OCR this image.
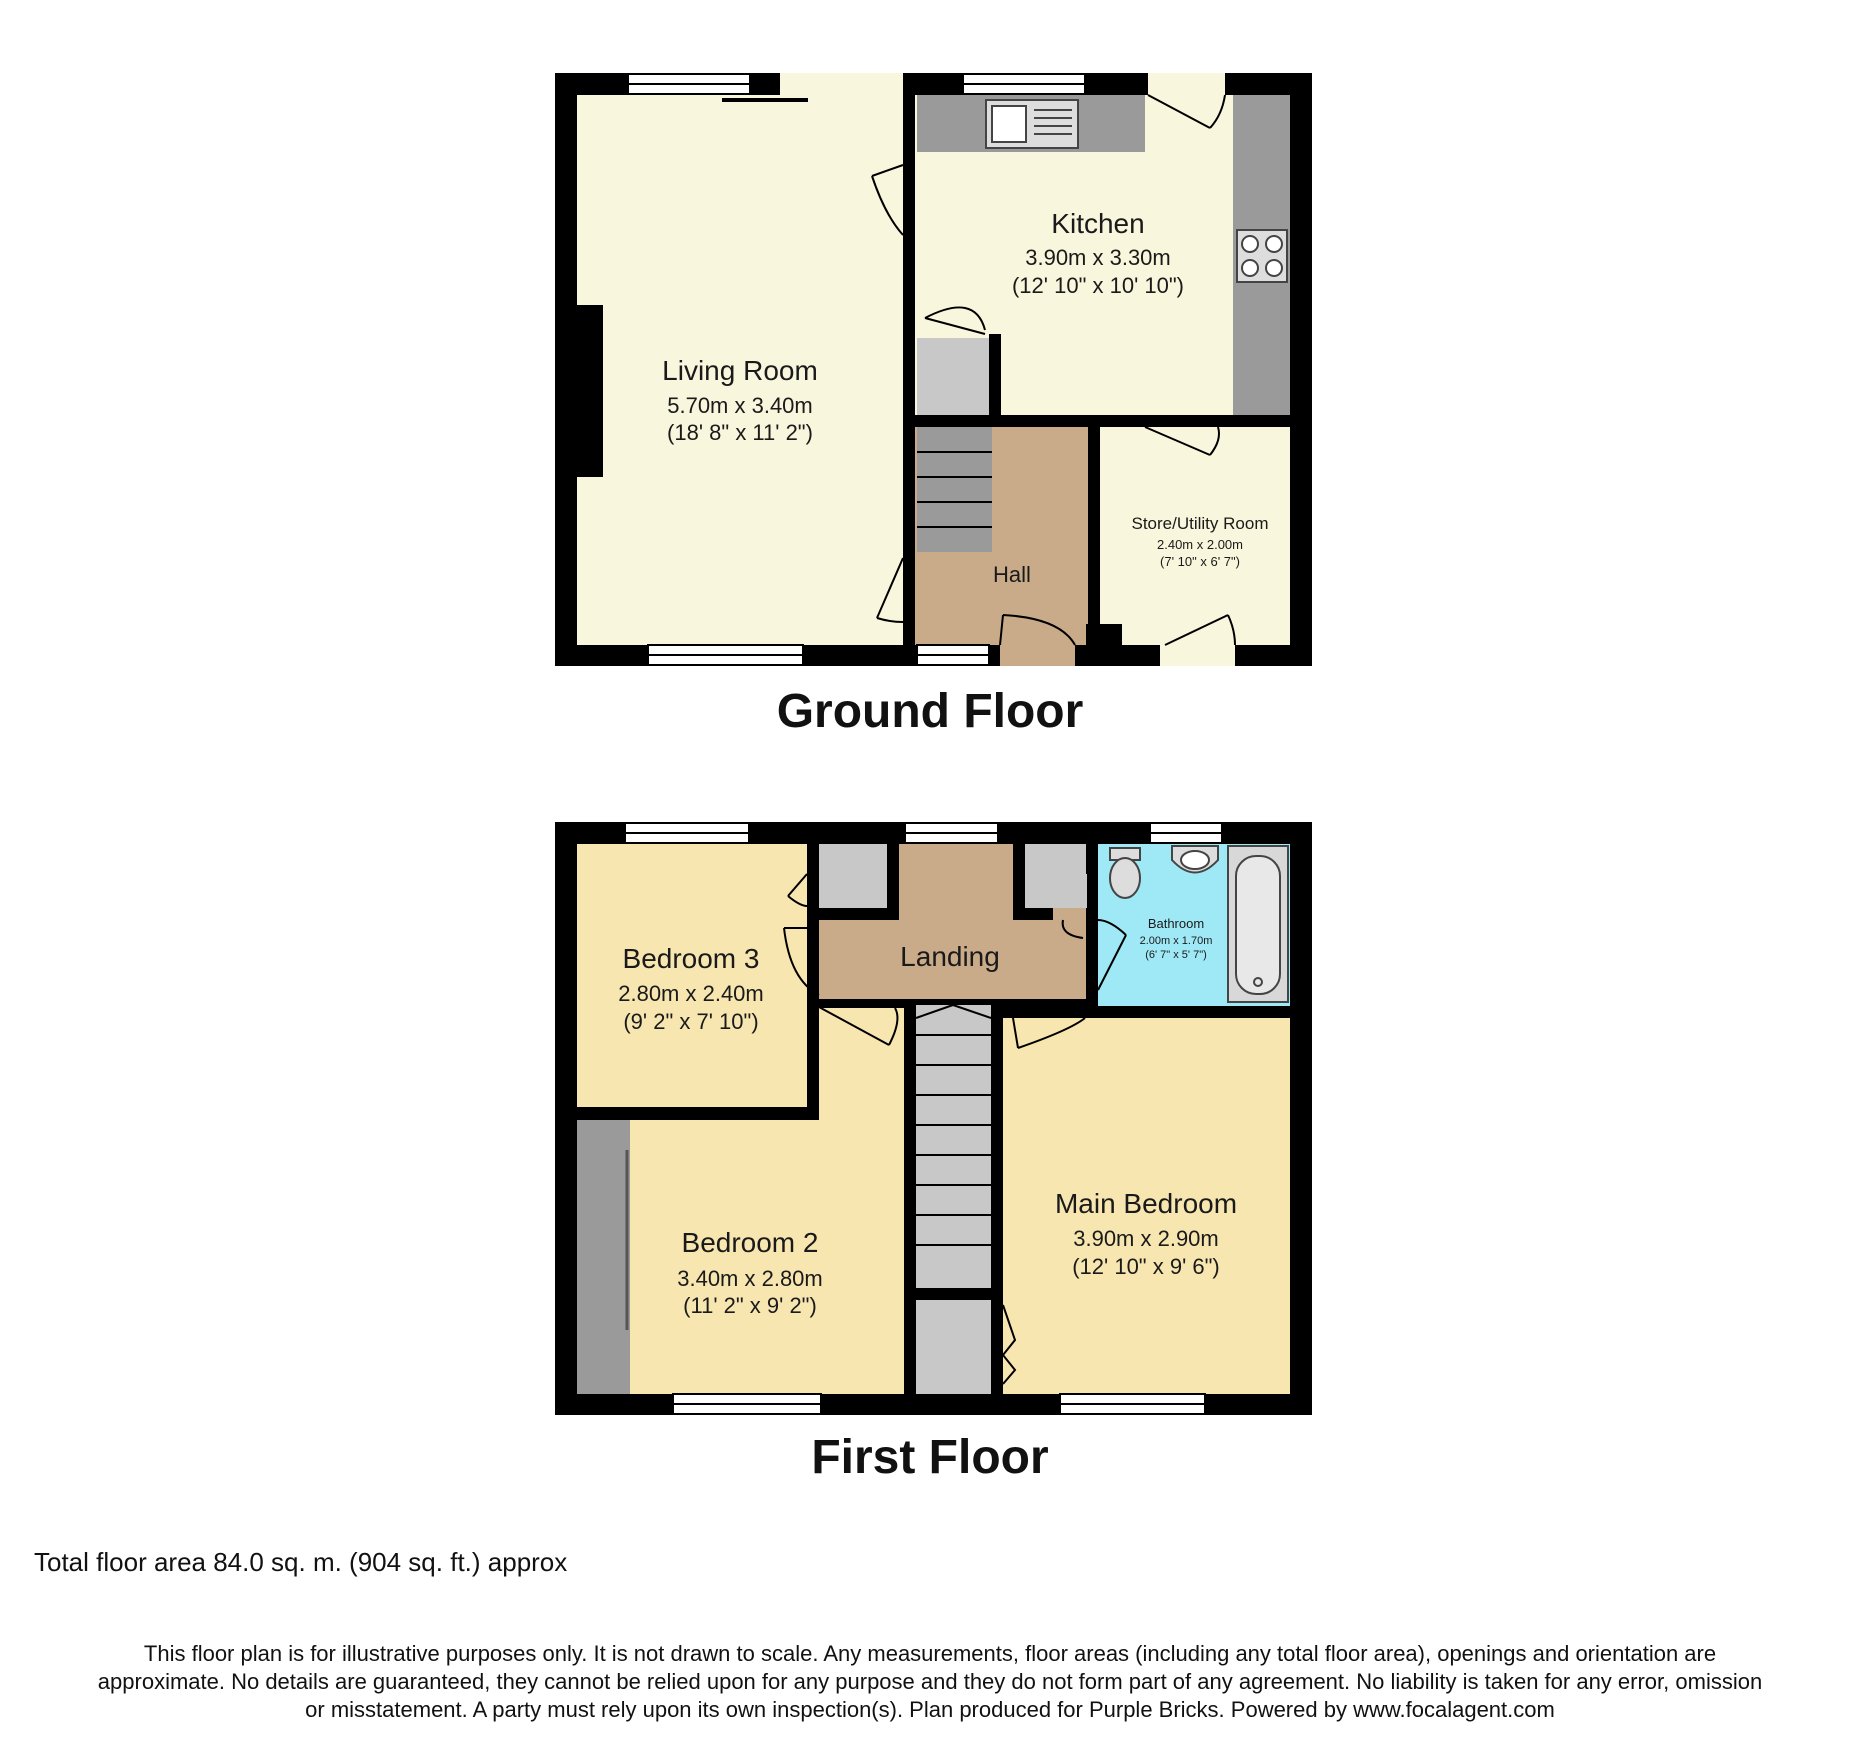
Living Room
5.70m x 3.40m
(18' 8" x 11' 2")
Kitchen
3.90m x 3.30m
(12' 10" x 10' 10")
Hall
Store/Utility Room
2.40m x 2.00m
(7' 10" x 6' 7")
Bedroom 3
2.80m x 2.40m
(9' 2" x 7' 10")
Landing
Bathroom
2.00m x 1.70m
(6' 7" x 5' 7")
Bedroom 2
3.40m x 2.80m
(11' 2" x 9' 2")
Main Bedroom
3.90m x 2.90m
(12' 10" x 9' 6")
Ground Floor
First Floor
Total floor area 84.0 sq. m. (904 sq. ft.) approx
This floor plan is for illustrative purposes only. It is not drawn to scale. Any measurements, floor areas (including any total floor area), openings and orientation are
approximate. No details are guaranteed, they cannot be relied upon for any purpose and they do not form part of any agreement. No liability is taken for any error, omission
or misstatement. A party must rely upon its own inspection(s). Plan produced for Purple Bricks. Powered by www.focalagent.com
